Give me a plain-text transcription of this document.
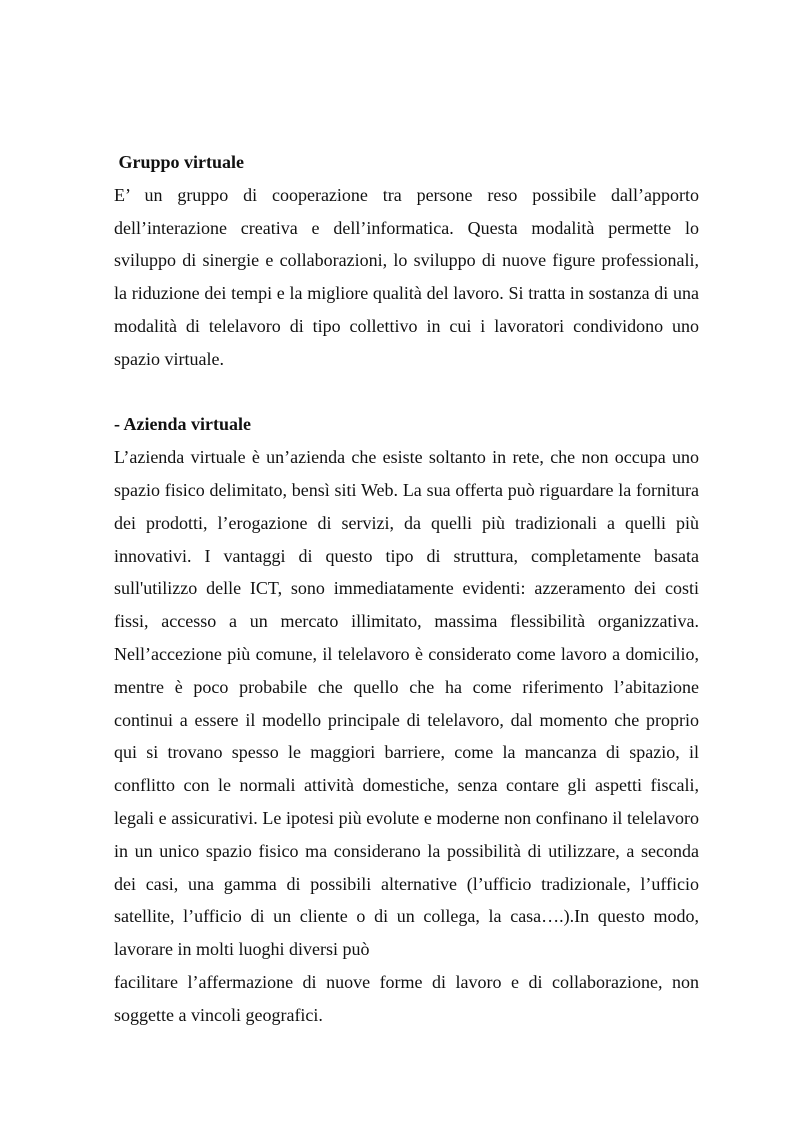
Gruppo virtuale

E’ un gruppo di cooperazione tra persone reso possibile dall’apporto dell’interazione creativa e dell’informatica. Questa modalità permette lo sviluppo di sinergie e collaborazioni, lo sviluppo di nuove figure professionali, la riduzione dei tempi e la migliore qualità del lavoro. Si tratta in sostanza di una modalità di telelavoro di tipo collettivo in cui i lavoratori condividono uno spazio virtuale.

- Azienda virtuale

L’azienda virtuale è un’azienda che esiste soltanto in rete, che non occupa uno spazio fisico delimitato, bensì siti Web. La sua offerta può riguardare la fornitura dei prodotti, l’erogazione di servizi, da quelli più tradizionali a quelli più innovativi. I vantaggi di questo tipo di struttura, completamente basata sull'utilizzo delle ICT, sono immediatamente evidenti: azzeramento dei costi fissi, accesso a un mercato illimitato, massima flessibilità organizzativa. Nell’accezione più comune, il telelavoro è considerato come lavoro a domicilio, mentre è poco probabile che quello che ha come riferimento l’abitazione continui a essere il modello principale di telelavoro, dal momento che proprio qui si trovano spesso le maggiori barriere, come la mancanza di spazio, il conflitto con le normali attività domestiche, senza contare gli aspetti fiscali, legali e assicurativi. Le ipotesi più evolute e moderne non confinano il telelavoro in un unico spazio fisico ma considerano la possibilità di utilizzare, a seconda dei casi, una gamma di possibili alternative (l’ufficio tradizionale, l’ufficio satellite, l’ufficio di un cliente o di un collega, la casa….).In questo modo, lavorare in molti luoghi diversi può

facilitare l’affermazione di nuove forme di lavoro e di collaborazione, non soggette a vincoli geografici.
